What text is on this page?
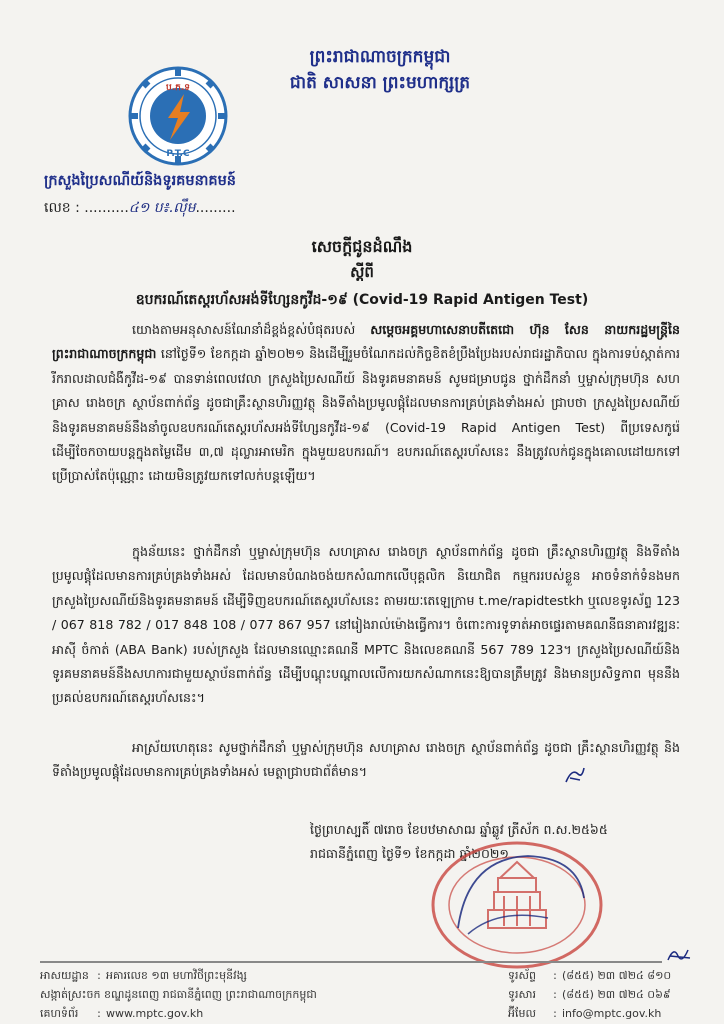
ប.ក.ទ
P.T.C
ព្រះរាជាណាចក្រកម្ពុជា
ជាតិ សាសនា ព្រះមហាក្សត្រ
ក្រសួងប្រៃសណីយ៍និងទូរគមនាគមន៍
លេខ : ..........៤១ ប៖.ល៉ឹម.........
សេចក្ដីជូនដំណឹង
ស្ដីពី
ឧបករណ៍តេស្ដរហ័សអង់ទីហ្សែនកូវីដ-១៩ (Covid-19 Rapid Antigen Test)
យោងតាមអនុសាសន៍ណែនាំដ៏ខ្ពង់ខ្ពស់បំផុតរបស់ សម្ដេចអគ្គមហាសេនាបតីតេជោ ហ៊ុន សែន នាយករដ្ឋមន្ត្រីនៃព្រះរាជាណាចក្រកម្ពុជា នៅថ្ងៃទី១ ខែកក្កដា ឆ្នាំ២០២១ និងដើម្បីរួមចំណែកដល់កិច្ចខិតខំប្រឹងប្រែងរបស់រាជរដ្ឋាភិបាល ក្នុងការទប់ស្កាត់ការរីករាលដាលជំងឺកូវីដ-១៩ បានទាន់ពេលវេលា ក្រសួងប្រៃសណីយ៍ និងទូរគមនាគមន៍ សូមជម្រាបជូន ថ្នាក់ដឹកនាំ ឬម្ចាស់ក្រុមហ៊ុន សហគ្រាស រោងចក្រ ស្ថាប័នពាក់ព័ន្ធ ដូចជាគ្រឹះស្ថានហិរញ្ញវត្ថុ និងទីតាំងប្រមូលផ្ដុំដែលមានការគ្រប់គ្រងទាំងអស់ ជ្រាបថា ក្រសួងប្រៃសណីយ៍និងទូរគមនាគមន៍នឹងនាំចូលឧបករណ៍តេស្ដរហ័សអង់ទីហ្សែនកូវីដ-១៩ (Covid-19 Rapid Antigen Test) ពីប្រទេសកូរ៉េ ដើម្បីចែកចាយបន្តក្នុងតម្លៃដើម ៣,៧ ដុល្លារអាមេរិក ក្នុងមួយឧបករណ៍។ ឧបករណ៍តេស្ដរហ័សនេះ នឹងត្រូវលក់ជូនក្នុងគោលដៅយកទៅប្រើប្រាស់តែប៉ុណ្ណោះ ដោយមិនត្រូវយកទៅលក់បន្តឡើយ។
ក្នុងន័យនេះ ថ្នាក់ដឹកនាំ ឬម្ចាស់ក្រុមហ៊ុន សហគ្រាស រោងចក្រ ស្ថាប័នពាក់ព័ន្ធ ដូចជា គ្រឹះស្ថានហិរញ្ញវត្ថុ និងទីតាំងប្រមូលផ្ដុំដែលមានការគ្រប់គ្រងទាំងអស់ ដែលមានបំណងចង់យកសំណាកលើបុគ្គលិក និយោជិត កម្មកររបស់ខ្លួន អាចទំនាក់ទំនងមកក្រសួងប្រៃសណីយ៍និងទូរគមនាគមន៍ ដើម្បីទិញឧបករណ៍តេស្ដរហ័សនេះ តាមរយៈតេឡេក្រាម t.me/rapidtestkh ឬលេខទូរស័ព្ទ 123 / 067 818 782 / 017 848 108 / 077 867 957 នៅរៀងរាល់ម៉ោងធ្វើការ។ ចំពោះការទូទាត់អាចផ្ទេរតាមគណនីធនាគារវឌ្ឍនៈ អាស៊ី ចំកាត់ (ABA Bank) របស់ក្រសួង ដែលមានឈ្មោះគណនី MPTC និងលេខគណនី 567 789 123។ ក្រសួងប្រៃសណីយ៍និងទូរគមនាគមន៍នឹងសហការជាមួយស្ថាប័នពាក់ព័ន្ធ ដើម្បីបណ្ដុះបណ្ដាលលើការយកសំណាកនេះឱ្យបានត្រឹមត្រូវ និងមានប្រសិទ្ធភាព មុននឹងប្រគល់ឧបករណ៍តេស្ដរហ័សនេះ។
អាស្រ័យហេតុនេះ សូមថ្នាក់ដឹកនាំ ឬម្ចាស់ក្រុមហ៊ុន សហគ្រាស រោងចក្រ ស្ថាប័នពាក់ព័ន្ធ ដូចជា គ្រឹះស្ថានហិរញ្ញវត្ថុ និងទីតាំងប្រមូលផ្ដុំដែលមានការគ្រប់គ្រងទាំងអស់ មេត្តាជ្រាបជាព័ត៌មាន។
ថ្ងៃព្រហស្បតិ៍ ៧រោច ខែបឋមាសាឍ ឆ្នាំឆ្លូវ ត្រីស័ក ព.ស.២៥៦៥
រាជធានីភ្នំពេញ ថ្ងៃទី១ ខែកក្កដា ឆ្នាំ២០២១
អាសយដ្ឋាន : អគារលេខ ១៣ មហាវិថីព្រះមុនីវង្ស
សង្កាត់ស្រះចក ខណ្ឌដូនពេញ រាជធានីភ្នំពេញ ព្រះរាជាណាចក្រកម្ពុជា
គេហទំព័រ : www.mptc.gov.kh
ទូរស័ព្ទ : (៨៥៥) ២៣ ៧២៤ ៨១០
ទូរសារ : (៨៥៥) ២៣ ៧២៤ ០៦៩
អ៊ីមែល : info@mptc.gov.kh
